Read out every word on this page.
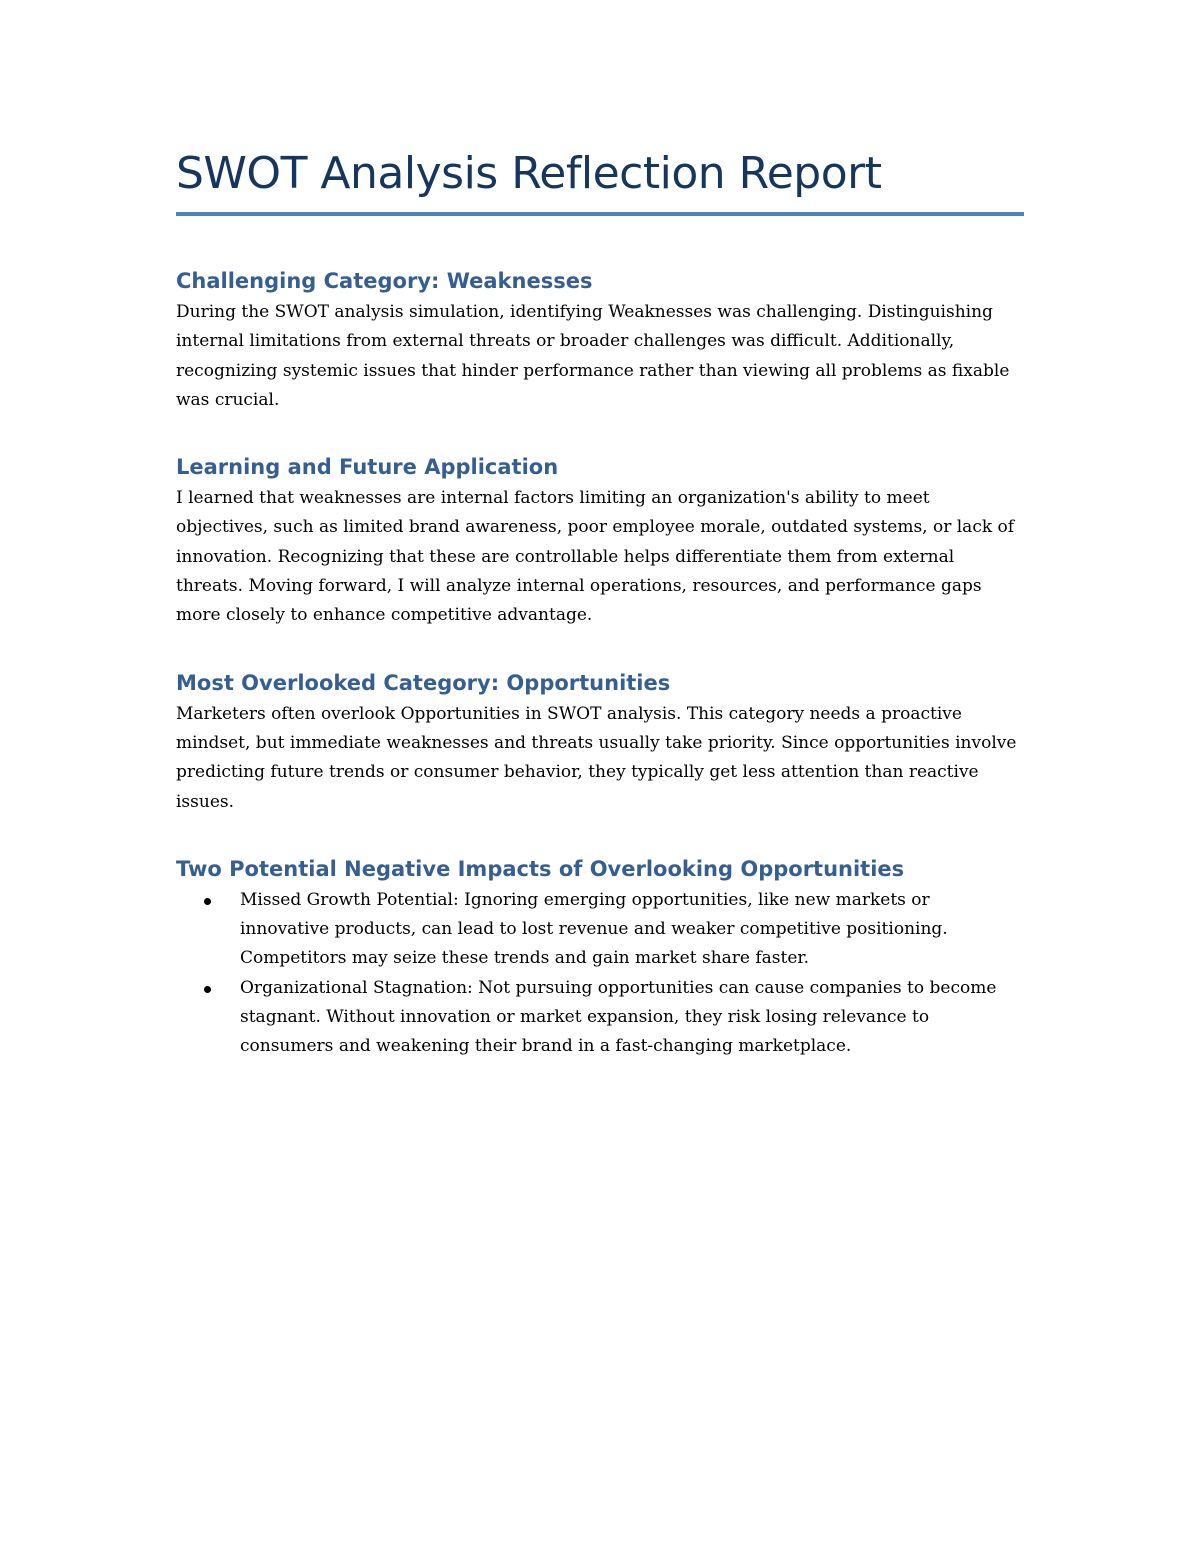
SWOT Analysis Reflection Report
Challenging Category: Weaknesses

During the SWOT analysis simulation, identifying Weaknesses was challenging. Distinguishing internal limitations from external threats or broader challenges was difficult. Additionally, recognizing systemic issues that hinder performance rather than viewing all problems as fixable was crucial.

Learning and Future Application

I learned that weaknesses are internal factors limiting an organization's ability to meet objectives, such as limited brand awareness, poor employee morale, outdated systems, or lack of innovation. Recognizing that these are controllable helps differentiate them from external threats. Moving forward, I will analyze internal operations, resources, and performance gaps more closely to enhance competitive advantage.

Most Overlooked Category: Opportunities

Marketers often overlook Opportunities in SWOT analysis. This category needs a proactive mindset, but immediate weaknesses and threats usually take priority. Since opportunities involve predicting future trends or consumer behavior, they typically get less attention than reactive issues.

Two Potential Negative Impacts of Overlooking Opportunities
Missed Growth Potential: Ignoring emerging opportunities, like new markets or innovative products, can lead to lost revenue and weaker competitive positioning. Competitors may seize these trends and gain market share faster.
Organizational Stagnation: Not pursuing opportunities can cause companies to become stagnant. Without innovation or market expansion, they risk losing relevance to consumers and weakening their brand in a fast-changing marketplace.
